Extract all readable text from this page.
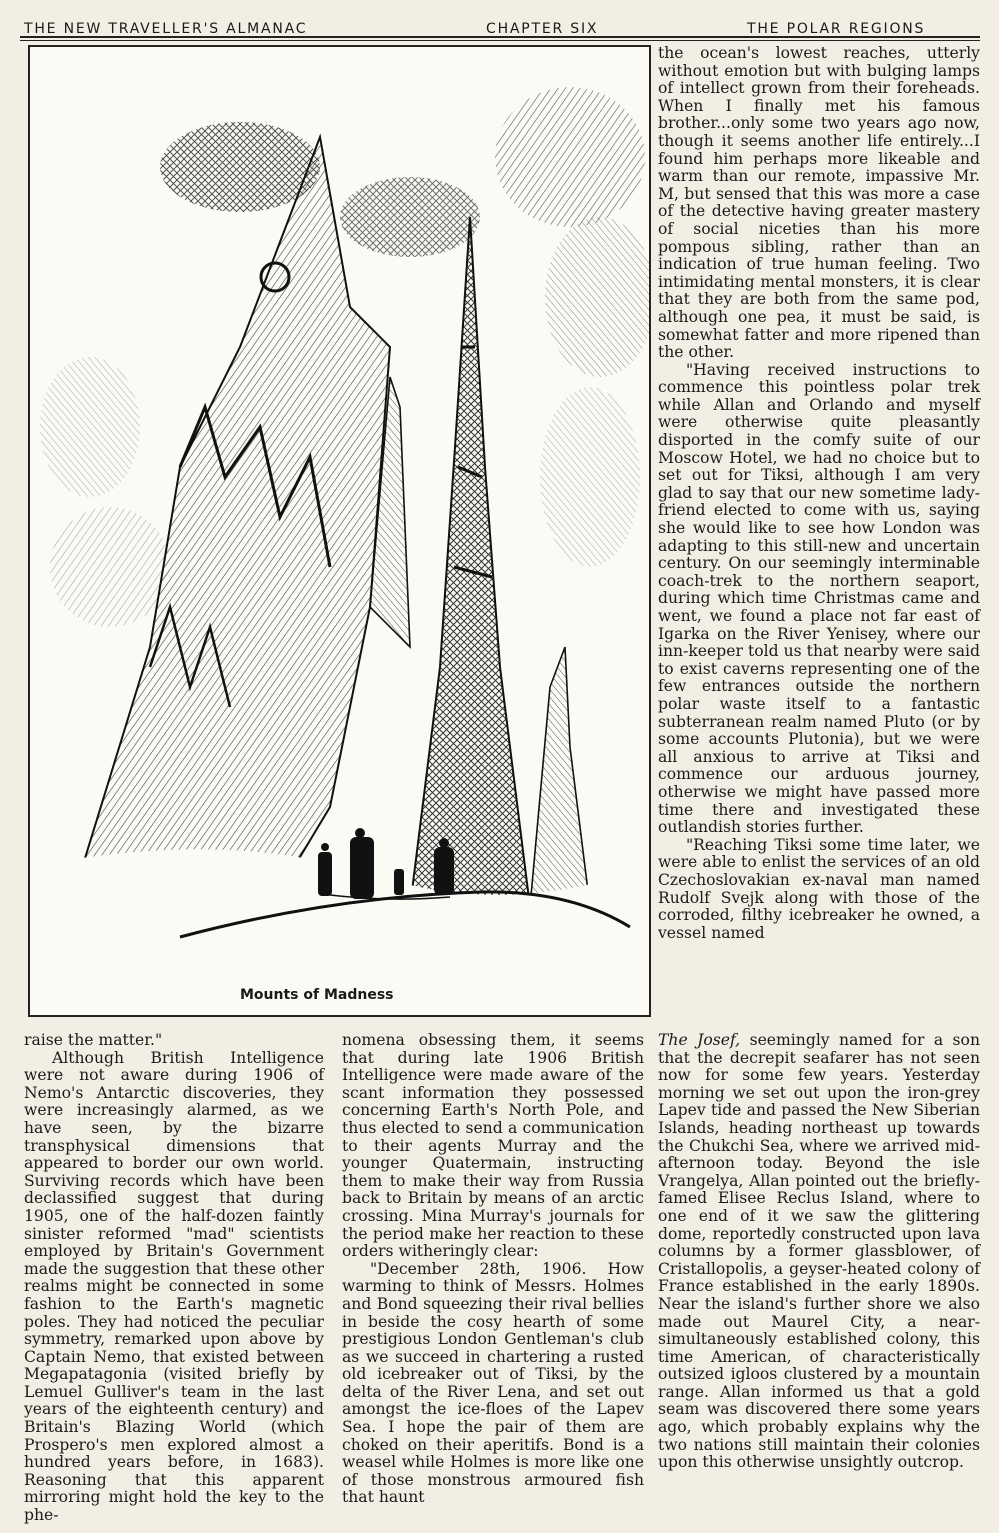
THE NEW TRAVELLER'S ALMANAC	CHAPTER SIX	THE POLAR REGIONS
Mounts of Madness

the ocean's lowest reaches, utterly without emotion but with bulging lamps of intellect grown from their foreheads. When I finally met his famous brother...only some two years ago now, though it seems another life entirely...I found him perhaps more likeable and warm than our remote, impassive Mr. M, but sensed that this was more a case of the detective having greater mastery of social niceties than his more pompous sibling, rather than an indication of true human feeling. Two intimidating mental monsters, it is clear that they are both from the same pod, although one pea, it must be said, is somewhat fatter and more ripened than the other.

"Having received instructions to commence this pointless polar trek while Allan and Orlando and myself were otherwise quite pleasantly disported in the comfy suite of our Moscow Hotel, we had no choice but to set out for Tiksi, although I am very glad to say that our new sometime lady-friend elected to come with us, saying she would like to see how London was adapting to this still-new and uncertain century. On our seemingly interminable coach-trek to the northern seaport, during which time Christmas came and went, we found a place not far east of Igarka on the River Yenisey, where our inn-keeper told us that nearby were said to exist caverns representing one of the few entrances outside the northern polar waste itself to a fantastic subterranean realm named Pluto (or by some accounts Plutonia), but we were all anxious to arrive at Tiksi and commence our arduous journey, otherwise we might have passed more time there and investigated these outlandish stories further.

"Reaching Tiksi some time later, we were able to enlist the services of an old Czechoslovakian ex-naval man named Rudolf Svejk along with those of the corroded, filthy icebreaker he owned, a vessel named

raise the matter."

Although British Intelligence were not aware during 1906 of Nemo's Antarctic discoveries, they were increasingly alarmed, as we have seen, by the bizarre transphysical dimensions that appeared to border our own world. Surviving records which have been declassified suggest that during 1905, one of the half-dozen faintly sinister reformed "mad" scientists employed by Britain's Government made the suggestion that these other realms might be connected in some fashion to the Earth's magnetic poles. They had noticed the peculiar symmetry, remarked upon above by Captain Nemo, that existed between Megapatagonia (visited briefly by Lemuel Gulliver's team in the last years of the eighteenth century) and Britain's Blazing World (which Prospero's men explored almost a hundred years before, in 1683). Reasoning that this apparent mirroring might hold the key to the phe-

nomena obsessing them, it seems that during late 1906 British Intelligence were made aware of the scant information they possessed concerning Earth's North Pole, and thus elected to send a communication to their agents Murray and the younger Quatermain, instructing them to make their way from Russia back to Britain by means of an arctic crossing. Mina Murray's journals for the period make her reaction to these orders witheringly clear:

"December 28th, 1906. How warming to think of Messrs. Holmes and Bond squeezing their rival bellies in beside the cosy hearth of some prestigious London Gentleman's club as we succeed in chartering a rusted old icebreaker out of Tiksi, by the delta of the River Lena, and set out amongst the ice-floes of the Lapev Sea. I hope the pair of them are choked on their aperitifs. Bond is a weasel while Holmes is more like one of those monstrous armoured fish that haunt

The Josef, seemingly named for a son that the decrepit seafarer has not seen now for some few years. Yesterday morning we set out upon the iron-grey Lapev tide and passed the New Siberian Islands, heading northeast up towards the Chukchi Sea, where we arrived mid-afternoon today. Beyond the isle Vrangelya, Allan pointed out the briefly-famed Elisee Reclus Island, where to one end of it we saw the glittering dome, reportedly constructed upon lava columns by a former glassblower, of Cristallopolis, a geyser-heated colony of France established in the early 1890s. Near the island's further shore we also made out Maurel City, a near-simultaneously established colony, this time American, of characteristically outsized igloos clustered by a mountain range. Allan informed us that a gold seam was discovered there some years ago, which probably explains why the two nations still maintain their colonies upon this otherwise unsightly outcrop.
